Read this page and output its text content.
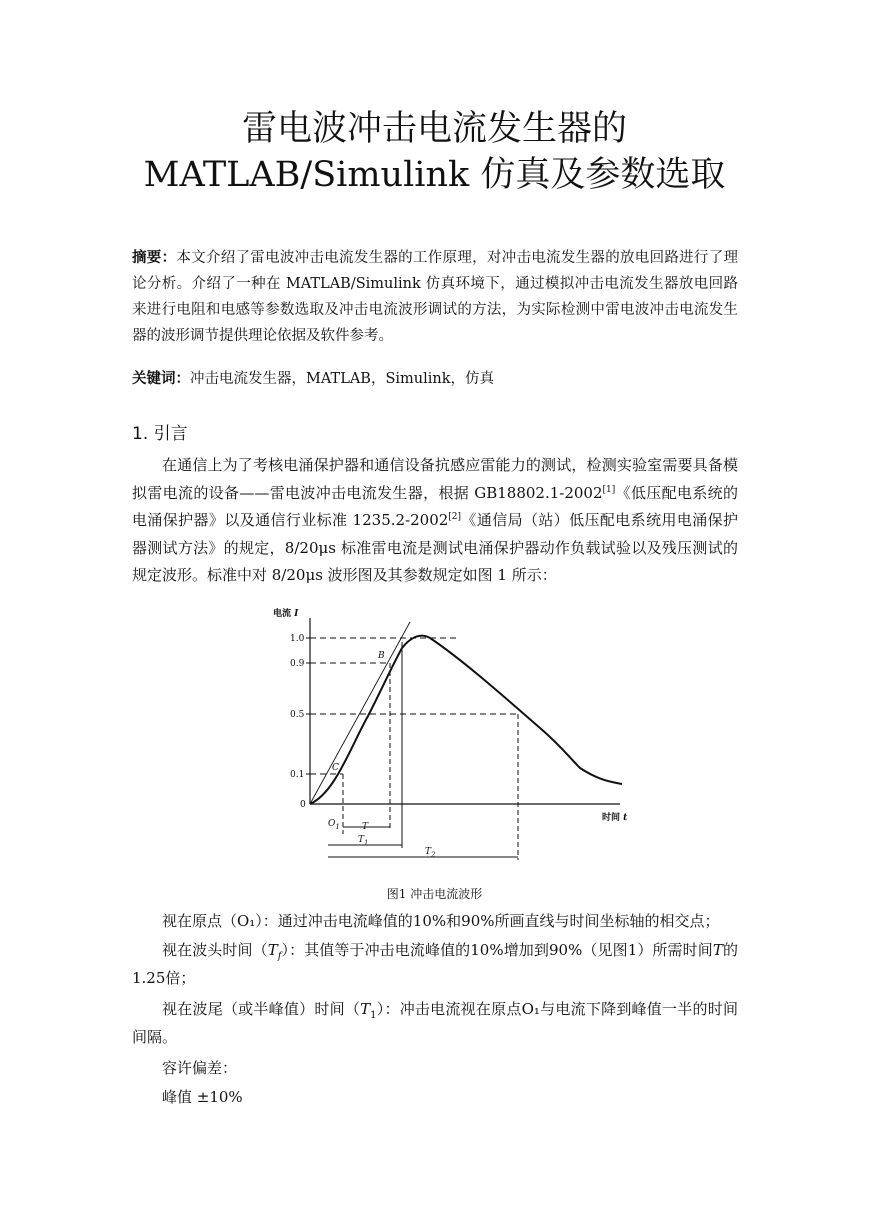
雷电波冲击电流发生器的
MATLAB/Simulink 仿真及参数选取
摘要：本文介绍了雷电波冲击电流发生器的工作原理，对冲击电流发生器的放电回路进行了理论分析。介绍了一种在 MATLAB/Simulink 仿真环境下，通过模拟冲击电流发生器放电回路来进行电阻和电感等参数选取及冲击电流波形调试的方法，为实际检测中雷电波冲击电流发生器的波形调节提供理论依据及软件参考。
关键词：冲击电流发生器，MATLAB，Simulink，仿真
1. 引言
在通信上为了考核电涌保护器和通信设备抗感应雷能力的测试，检测实验室需要具备模拟雷电流的设备——雷电波冲击电流发生器，根据 GB18802.1-2002[1]《低压配电系统的电涌保护器》以及通信行业标准 1235.2-2002[2]《通信局（站）低压配电系统用电涌保护器测试方法》的规定，8/20μs 标准雷电流是测试电涌保护器动作负载试验以及残压测试的规定波形。标准中对 8/20μs 波形图及其参数规定如图 1 所示：
1.0
0.9
0.5
0.1
0
电流 I
时间 t
C
B
$O_1$ T
$T_1$
$T_2$
图1 冲击电流波形
视在原点（O₁）：通过冲击电流峰值的10%和90%所画直线与时间坐标轴的相交点；
视在波头时间$(T_f)$：其值等于冲击电流峰值的10%增加到90%（见图1）所需时间T的1.25倍；
视在波尾（或半峰值）时间$(T_1)$：冲击电流视在原点O₁与电流下降到峰值一半的时间间隔。
容许偏差：
峰值 ±10%
